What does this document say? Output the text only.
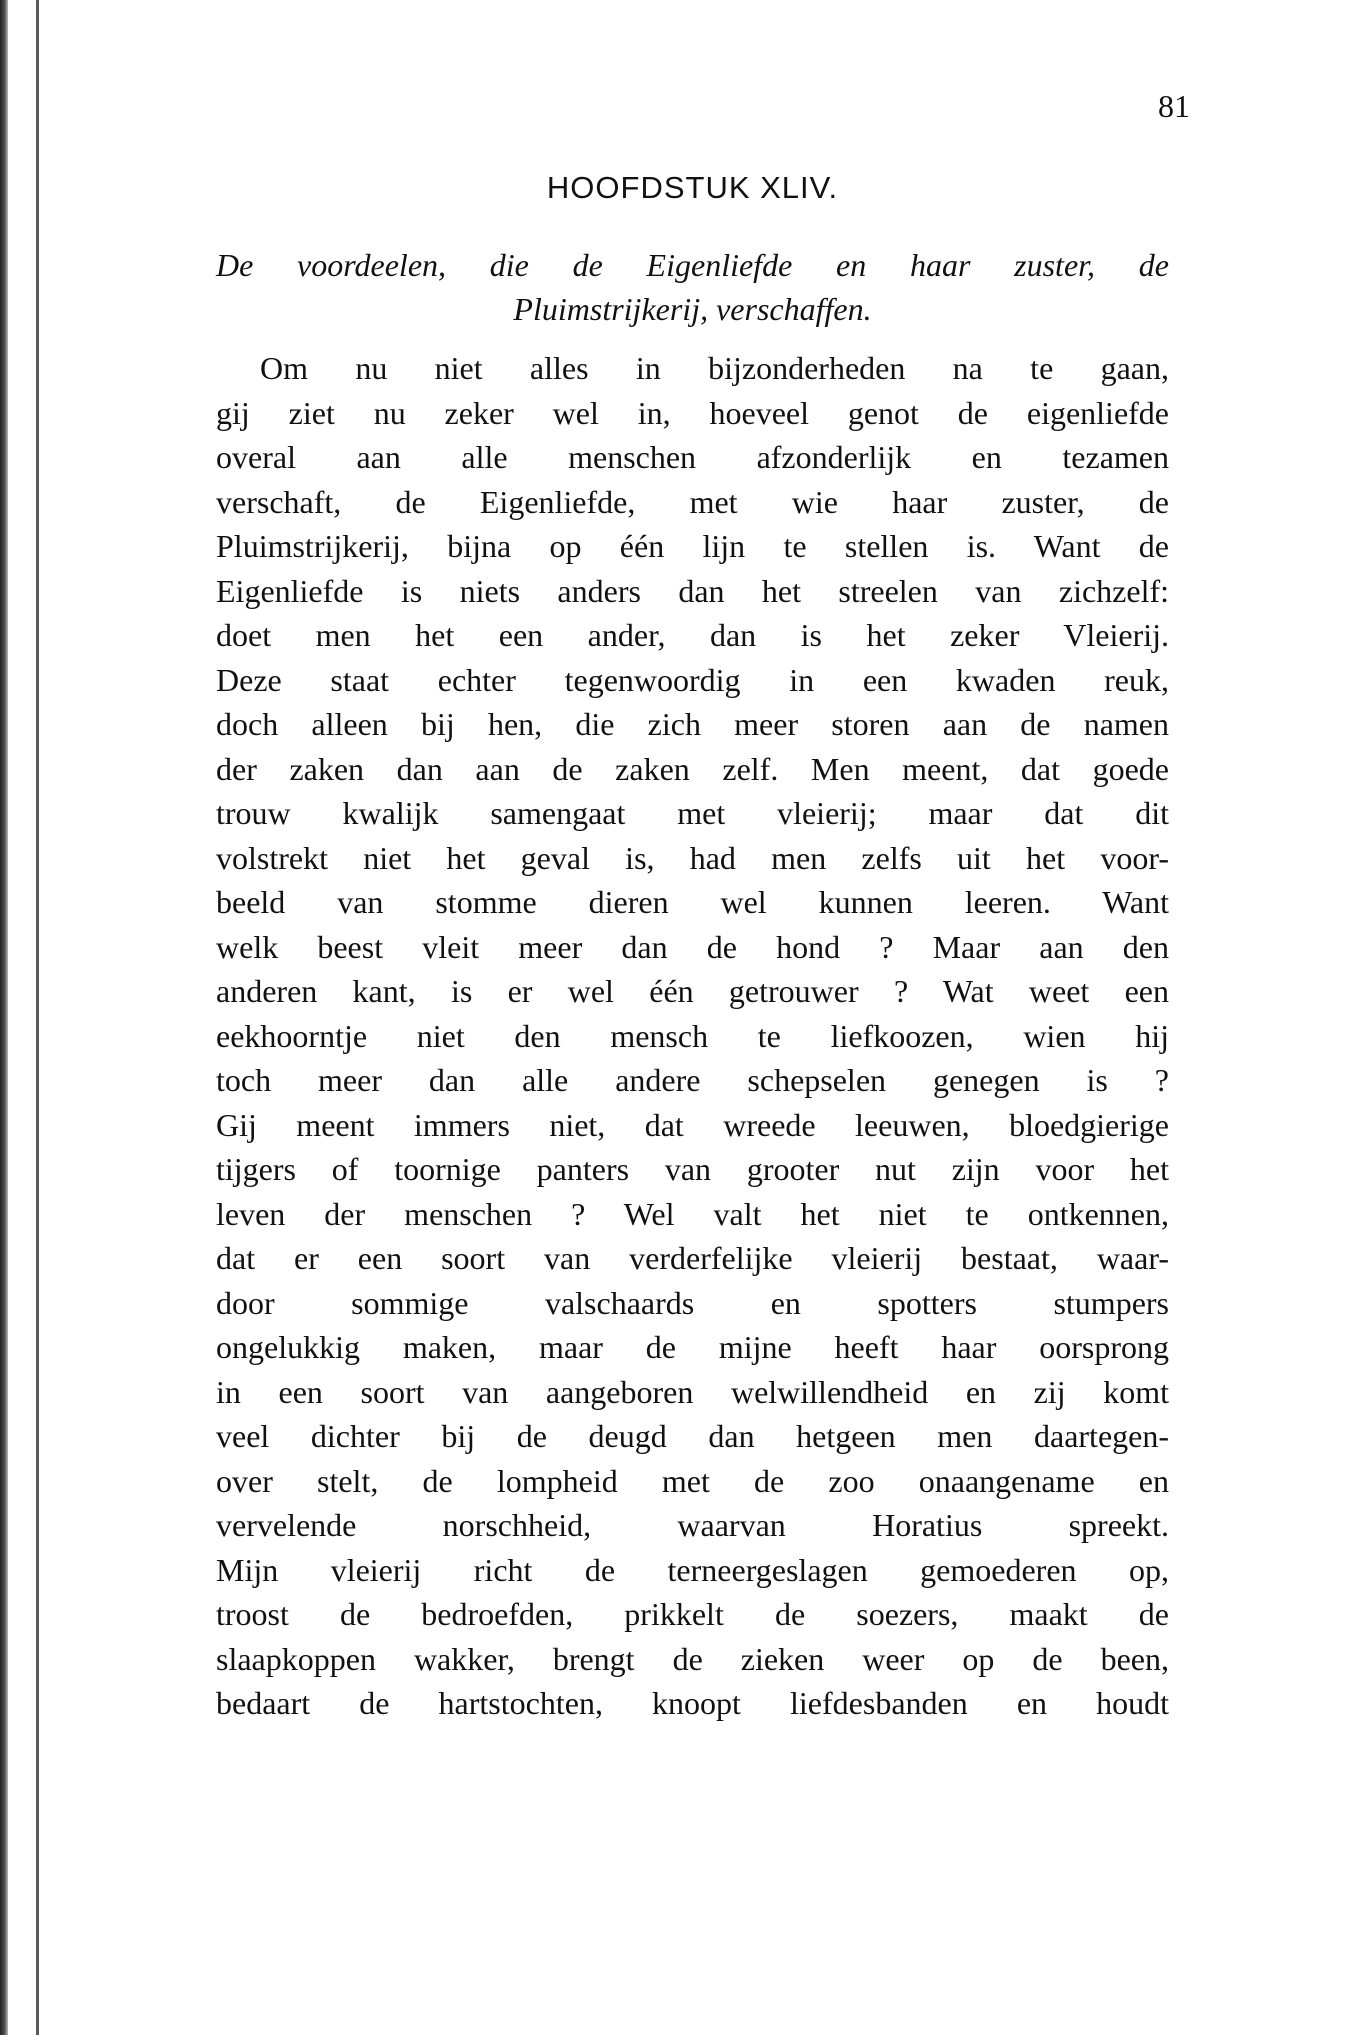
81
HOOFDSTUK XLIV.
De voordeelen, die de Eigenliefde en haar zuster, de
Pluimstrijkerij, verschaffen.
Om nu niet alles in bijzonderheden na te gaan,
gij ziet nu zeker wel in, hoeveel genot de eigenliefde
overal aan alle menschen afzonderlijk en tezamen
verschaft, de Eigenliefde, met wie haar zuster, de
Pluimstrijkerij, bijna op één lijn te stellen is. Want de
Eigenliefde is niets anders dan het streelen van zichzelf:
doet men het een ander, dan is het zeker Vleierij.
Deze staat echter tegenwoordig in een kwaden reuk,
doch alleen bij hen, die zich meer storen aan de namen
der zaken dan aan de zaken zelf. Men meent, dat goede
trouw kwalijk samengaat met vleierij; maar dat dit
volstrekt niet het geval is, had men zelfs uit het voor-
beeld van stomme dieren wel kunnen leeren. Want
welk beest vleit meer dan de hond ? Maar aan den
anderen kant, is er wel één getrouwer ? Wat weet een
eekhoorntje niet den mensch te liefkoozen, wien hij
toch meer dan alle andere schepselen genegen is ?
Gij meent immers niet, dat wreede leeuwen, bloedgierige
tijgers of toornige panters van grooter nut zijn voor het
leven der menschen ? Wel valt het niet te ontkennen,
dat er een soort van verderfelijke vleierij bestaat, waar-
door sommige valschaards en spotters stumpers
ongelukkig maken, maar de mijne heeft haar oorsprong
in een soort van aangeboren welwillendheid en zij komt
veel dichter bij de deugd dan hetgeen men daartegen-
over stelt, de lompheid met de zoo onaangename en
vervelende norschheid, waarvan Horatius spreekt.
Mijn vleierij richt de terneergeslagen gemoederen op,
troost de bedroefden, prikkelt de soezers, maakt de
slaapkoppen wakker, brengt de zieken weer op de been,
bedaart de hartstochten, knoopt liefdesbanden en houdt
